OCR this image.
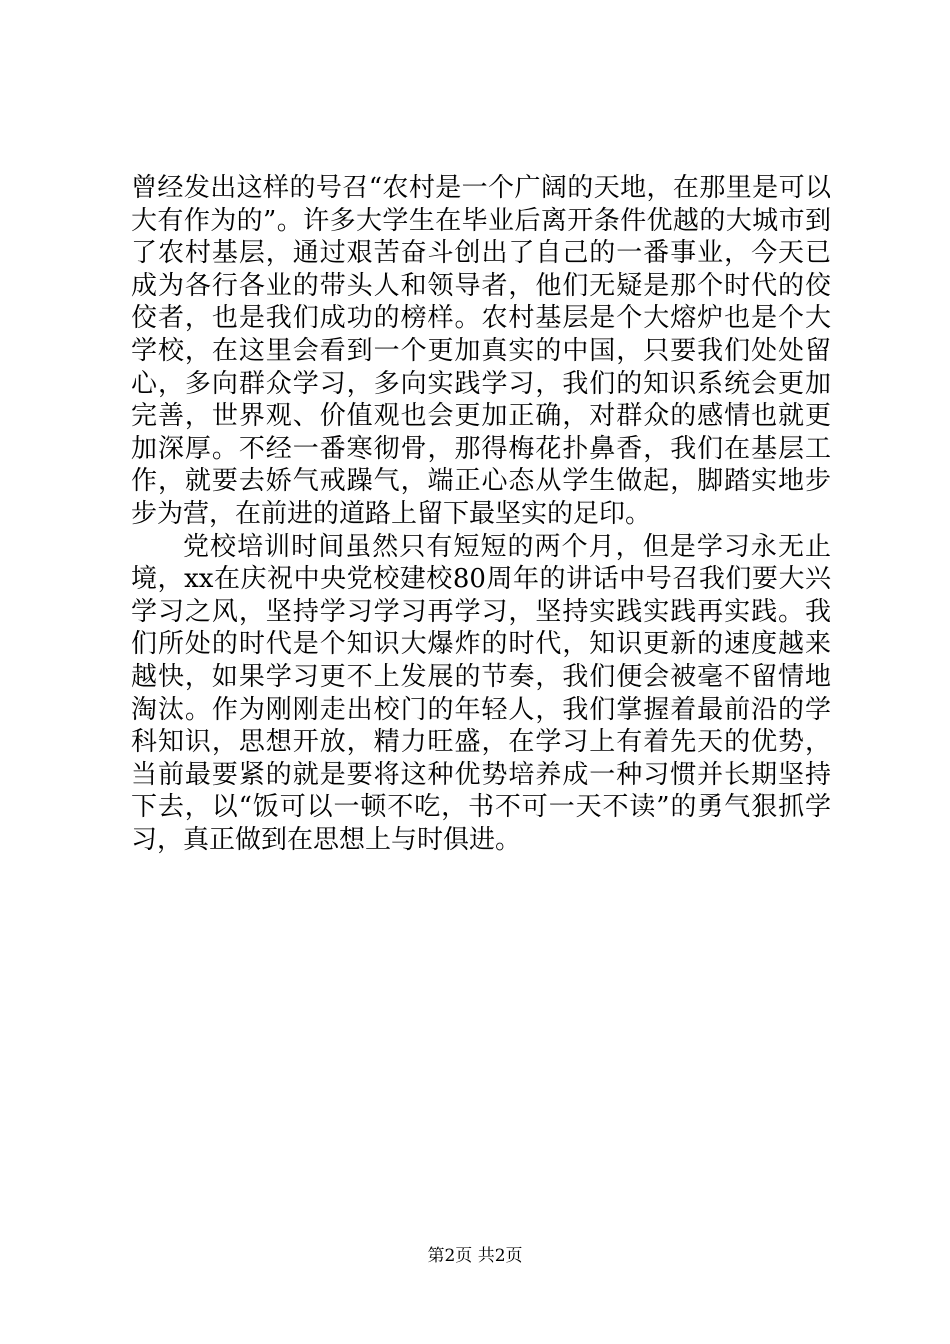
曾经发出这样的号召“农村是一个广阔的天地，在那里是可以大有作为的”。许多大学生在毕业后离开条件优越的大城市到了农村基层，通过艰苦奋斗创出了自己的一番事业，今天已成为各行各业的带头人和领导者，他们无疑是那个时代的佼佼者，也是我们成功的榜样。农村基层是个大熔炉也是个大学校，在这里会看到一个更加真实的中国，只要我们处处留心，多向群众学习，多向实践学习，我们的知识系统会更加完善，世界观、价值观也会更加正确，对群众的感情也就更加深厚。不经一番寒彻骨，那得梅花扑鼻香，我们在基层工作，就要去娇气戒躁气，端正心态从学生做起，脚踏实地步步为营，在前进的道路上留下最坚实的足印。

党校培训时间虽然只有短短的两个月，但是学习永无止境，xx在庆祝中央党校建校80周年的讲话中号召我们要大兴学习之风，坚持学习学习再学习，坚持实践实践再实践。我们所处的时代是个知识大爆炸的时代，知识更新的速度越来越快，如果学习更不上发展的节奏，我们便会被毫不留情地淘汰。作为刚刚走出校门的年轻人，我们掌握着最前沿的学科知识，思想开放，精力旺盛，在学习上有着先天的优势，当前最要紧的就是要将这种优势培养成一种习惯并长期坚持下去，以“饭可以一顿不吃，书不可一天不读”的勇气狠抓学习，真正做到在思想上与时俱进。

第2页 共2页
